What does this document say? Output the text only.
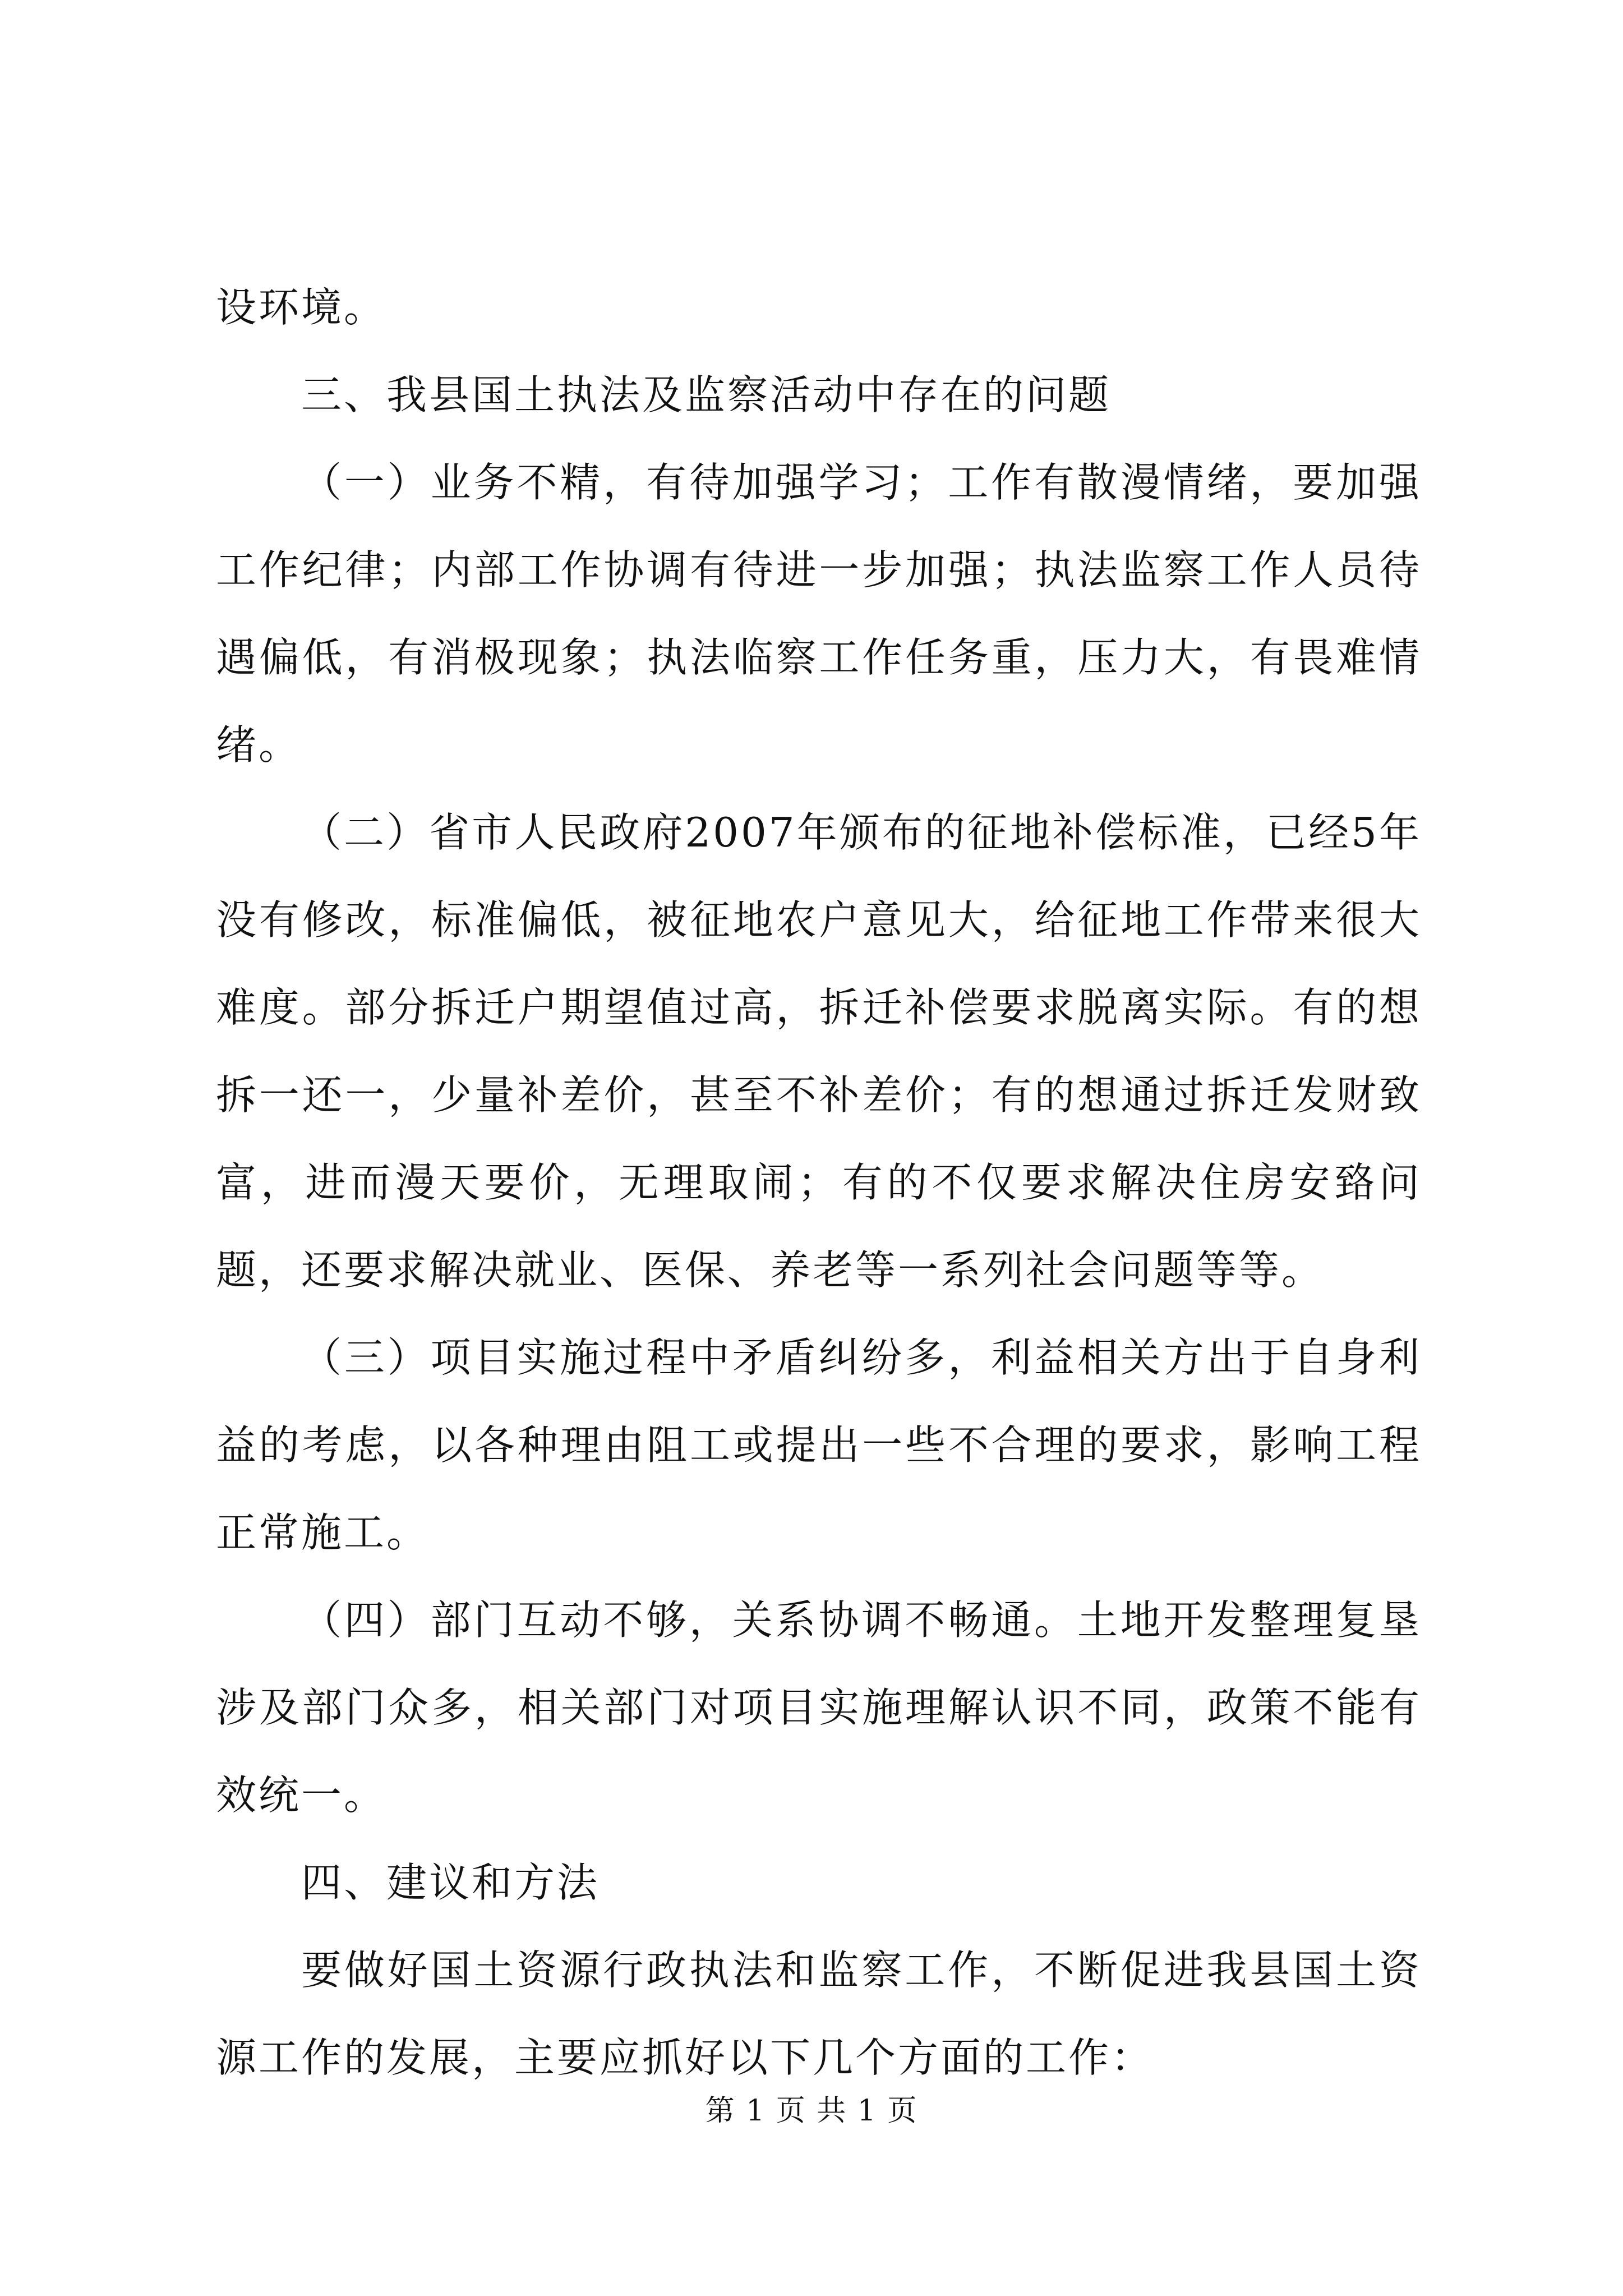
设环境。

三、我县国土执法及监察活动中存在的问题

（一）业务不精，有待加强学习；工作有散漫情绪，要加强工作纪律；内部工作协调有待进一步加强；执法监察工作人员待遇偏低，有消极现象；执法临察工作任务重，压力大，有畏难情绪。

（二）省市人民政府2007年颁布的征地补偿标准，已经5年没有修改，标准偏低，被征地农户意见大，给征地工作带来很大难度。部分拆迁户期望值过高，拆迁补偿要求脱离实际。有的想拆一还一，少量补差价，甚至不补差价；有的想通过拆迁发财致富，进而漫天要价，无理取闹；有的不仅要求解决住房安臵问题，还要求解决就业、医保、养老等一系列社会问题等等。

（三）项目实施过程中矛盾纠纷多，利益相关方出于自身利益的考虑，以各种理由阻工或提出一些不合理的要求，影响工程正常施工。

（四）部门互动不够，关系协调不畅通。土地开发整理复垦涉及部门众多，相关部门对项目实施理解认识不同，政策不能有效统一。

四、建议和方法

要做好国土资源行政执法和监察工作，不断促进我县国土资源工作的发展，主要应抓好以下几个方面的工作：

第 1 页 共 1 页
